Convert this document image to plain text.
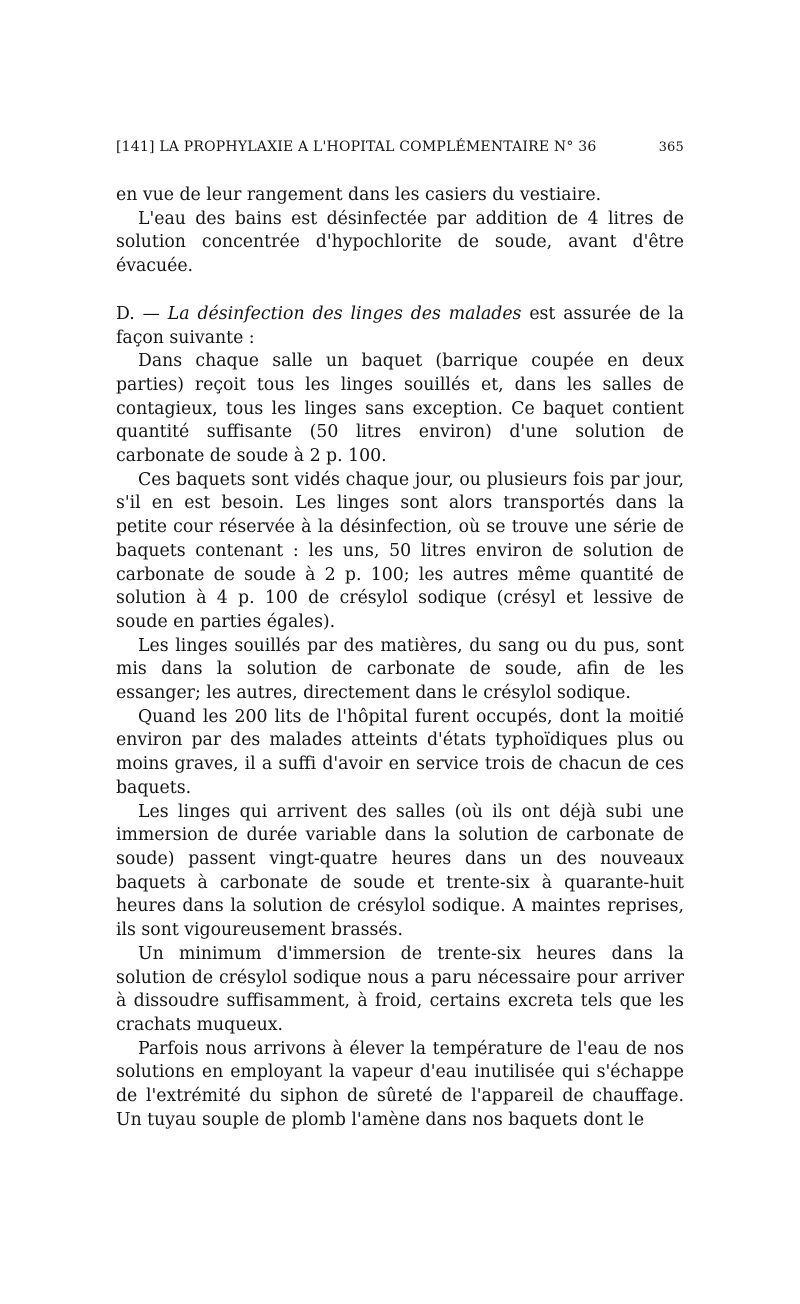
[141] LA PROPHYLAXIE A L'HOPITAL COMPLÉMENTAIRE N° 36	365

en vue de leur rangement dans les casiers du vestiaire.

L'eau des bains est désinfectée par addition de 4 litres de solution concentrée d'hypochlorite de soude, avant d'être évacuée.

D. — La désinfection des linges des malades est assurée de la façon suivante :

Dans chaque salle un baquet (barrique coupée en deux parties) reçoit tous les linges souillés et, dans les salles de contagieux, tous les linges sans exception. Ce baquet contient quantité suffisante (50 litres environ) d'une solution de carbonate de soude à 2 p. 100.

Ces baquets sont vidés chaque jour, ou plusieurs fois par jour, s'il en est besoin. Les linges sont alors transportés dans la petite cour réservée à la désinfection, où se trouve une série de baquets contenant : les uns, 50 litres environ de solution de carbonate de soude à 2 p. 100; les autres même quantité de solution à 4 p. 100 de crésylol sodique (crésyl et lessive de soude en parties égales).

Les linges souillés par des matières, du sang ou du pus, sont mis dans la solution de carbonate de soude, afin de les essanger; les autres, directement dans le crésylol sodique.

Quand les 200 lits de l'hôpital furent occupés, dont la moitié environ par des malades atteints d'états typhoïdiques plus ou moins graves, il a suffi d'avoir en service trois de chacun de ces baquets.

Les linges qui arrivent des salles (où ils ont déjà subi une immersion de durée variable dans la solution de carbonate de soude) passent vingt-quatre heures dans un des nouveaux baquets à carbonate de soude et trente-six à quarante-huit heures dans la solution de crésylol sodique. A maintes reprises, ils sont vigoureusement brassés.

Un minimum d'immersion de trente-six heures dans la solution de crésylol sodique nous a paru nécessaire pour arriver à dissoudre suffisamment, à froid, certains excreta tels que les crachats muqueux.

Parfois nous arrivons à élever la température de l'eau de nos solutions en employant la vapeur d'eau inutilisée qui s'échappe de l'extrémité du siphon de sûreté de l'appareil de chauffage. Un tuyau souple de plomb l'amène dans nos baquets dont le
